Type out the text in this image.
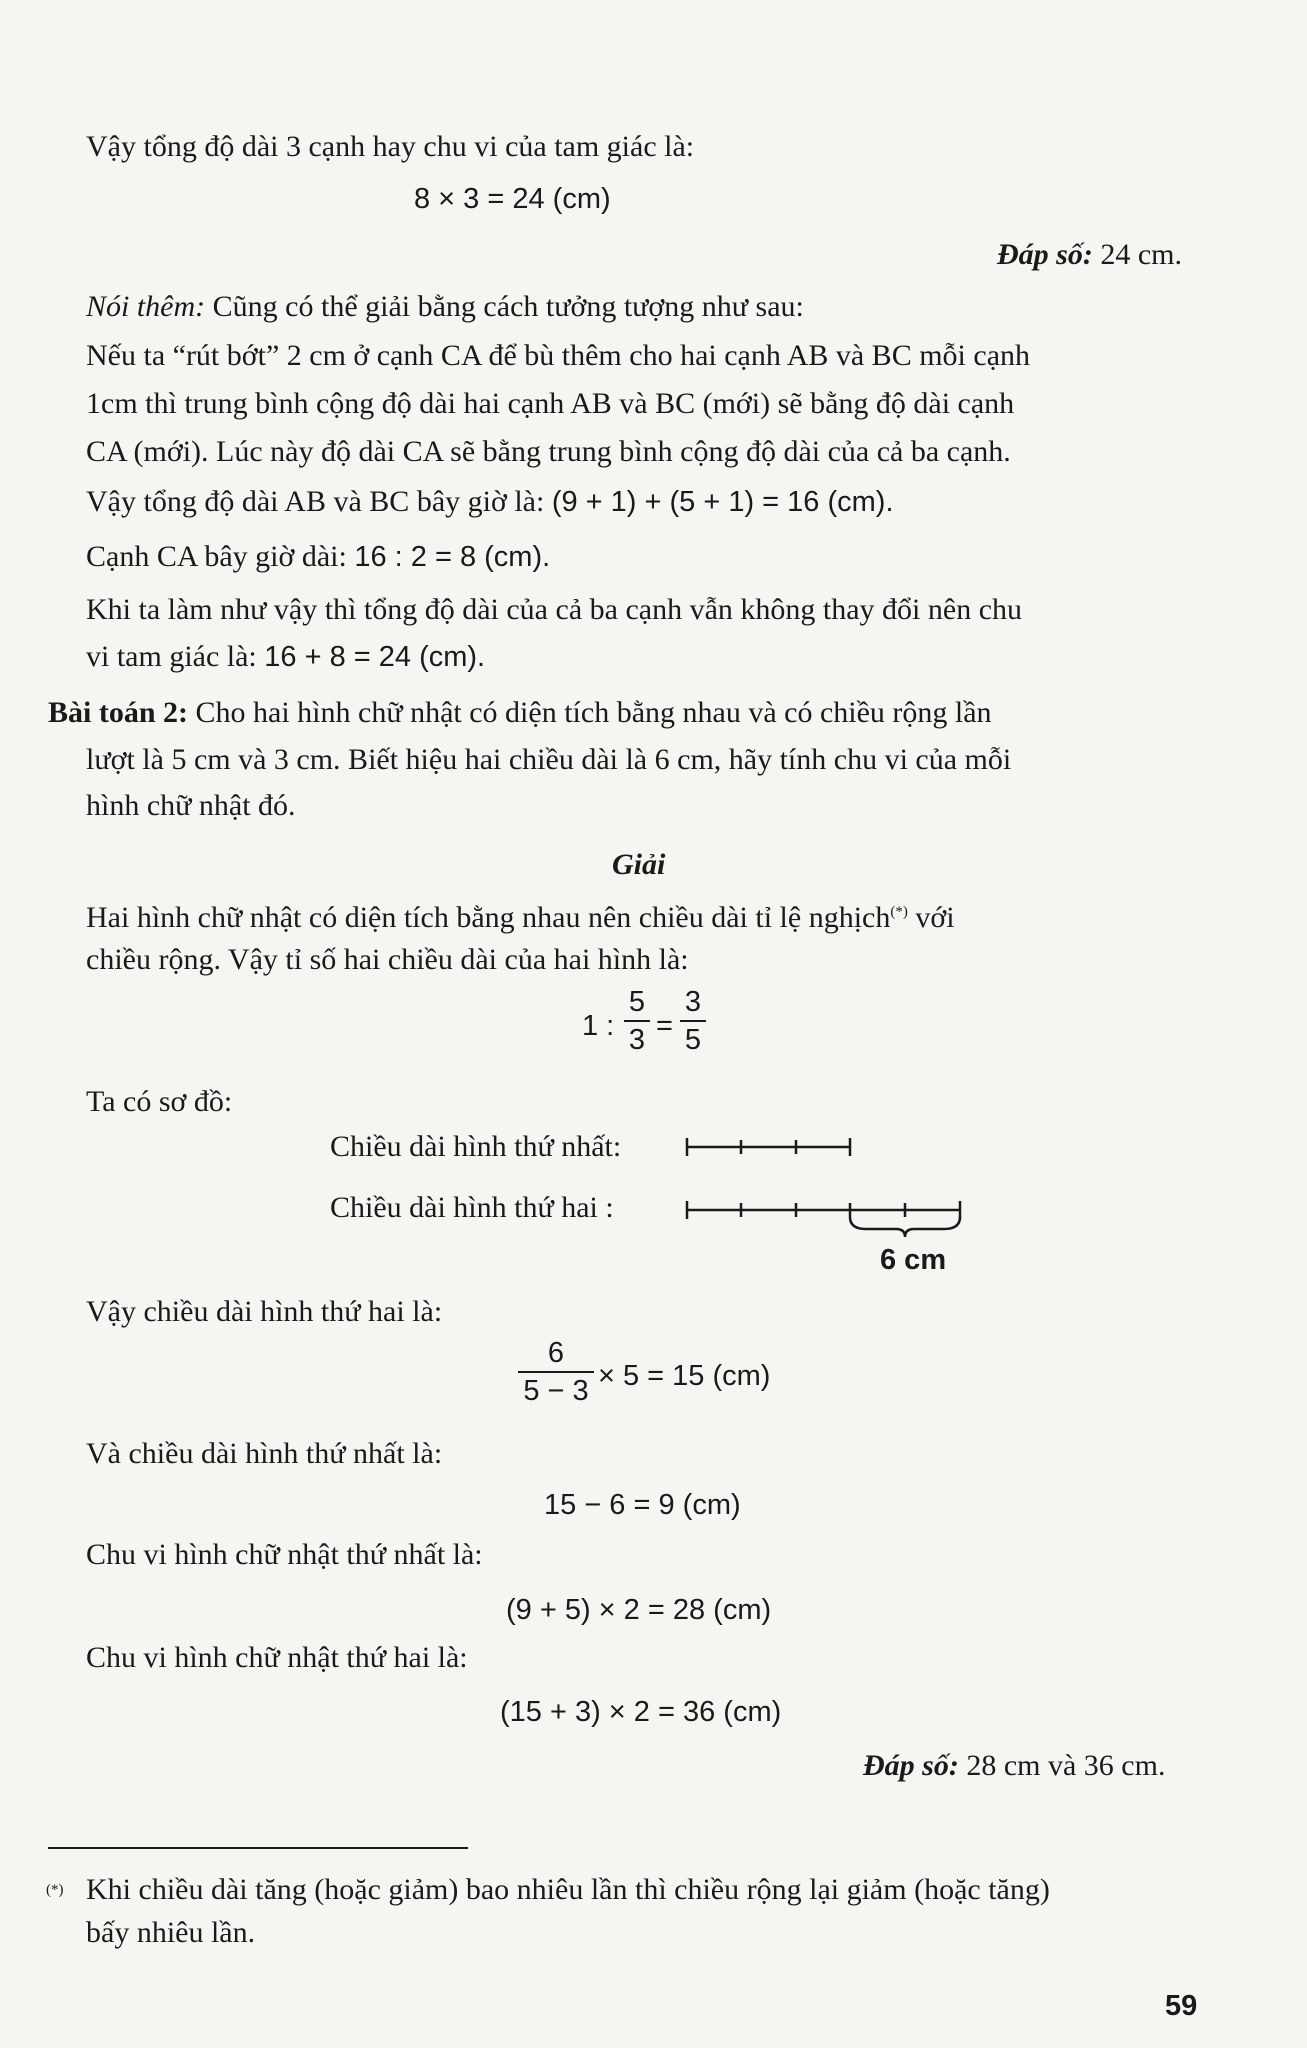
Vậy tổng độ dài 3 cạnh hay chu vi của tam giác là:
8 × 3 = 24 (cm)
Đáp số: 24 cm.
Nói thêm: Cũng có thể giải bằng cách tưởng tượng như sau:
Nếu ta “rút bớt” 2 cm ở cạnh CA để bù thêm cho hai cạnh AB và BC mỗi cạnh
1cm thì trung bình cộng độ dài hai cạnh AB và BC (mới) sẽ bằng độ dài cạnh
CA (mới). Lúc này độ dài CA sẽ bằng trung bình cộng độ dài của cả ba cạnh.
Vậy tổng độ dài AB và BC bây giờ là: (9 + 1) + (5 + 1) = 16 (cm).
Cạnh CA bây giờ dài: 16 : 2 = 8 (cm).
Khi ta làm như vậy thì tổng độ dài của cả ba cạnh vẫn không thay đổi nên chu
vi tam giác là: 16 + 8 = 24 (cm).
Bài toán 2: Cho hai hình chữ nhật có diện tích bằng nhau và có chiều rộng lần
lượt là 5 cm và 3 cm. Biết hiệu hai chiều dài là 6 cm, hãy tính chu vi của mỗi
hình chữ nhật đó.
Giải
Hai hình chữ nhật có diện tích bằng nhau nên chiều dài tỉ lệ nghịch(*) với
chiều rộng. Vậy tỉ số hai chiều dài của hai hình là:
1 :
5
3 =
3
5
Ta có sơ đồ:
Chiều dài hình thứ nhất:
Chiều dài hình thứ hai :
6 cm
Vậy chiều dài hình thứ hai là:
6
5 − 3 × 5 = 15 (cm)
Và chiều dài hình thứ nhất là:
15 − 6 = 9 (cm)
Chu vi hình chữ nhật thứ nhất là:
(9 + 5) × 2 = 28 (cm)
Chu vi hình chữ nhật thứ hai là:
(15 + 3) × 2 = 36 (cm)
Đáp số: 28 cm và 36 cm.
(*) Khi chiều dài tăng (hoặc giảm) bao nhiêu lần thì chiều rộng lại giảm (hoặc tăng)
bấy nhiêu lần.
59
